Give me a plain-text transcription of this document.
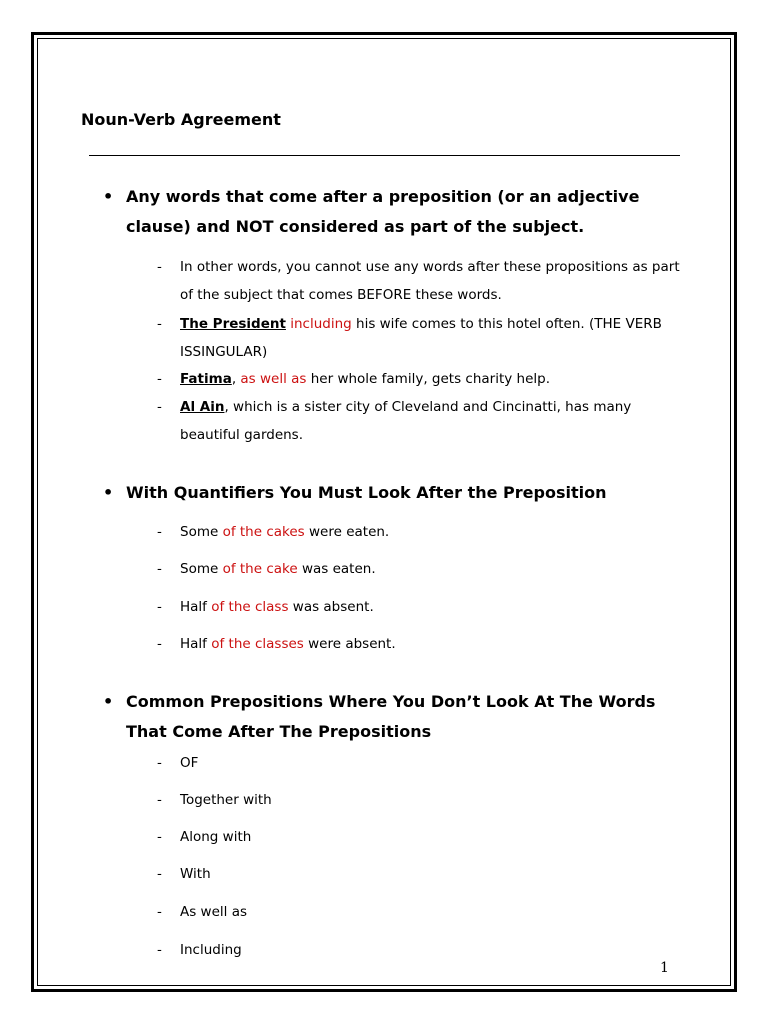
Noun-Verb Agreement
• Any words that come after a preposition (or an adjective clause) and NOT considered as part of the subject.
- In other words, you cannot use any words after these propositions as part of the subject that comes BEFORE these words.
- The President including his wife comes to this hotel often. (THE VERB ISSINGULAR)
- Fatima, as well as her whole family, gets charity help.
- Al Ain, which is a sister city of Cleveland and Cincinatti, has many beautiful gardens.
• With Quantifiers You Must Look After the Preposition
- Some of the cakes were eaten.
- Some of the cake was eaten.
- Half of the class was absent.
- Half of the classes were absent.
• Common Prepositions Where You Don’t Look At The Words That Come After The Prepositions
- OF
- Together with
- Along with
- With
- As well as
- Including
1
